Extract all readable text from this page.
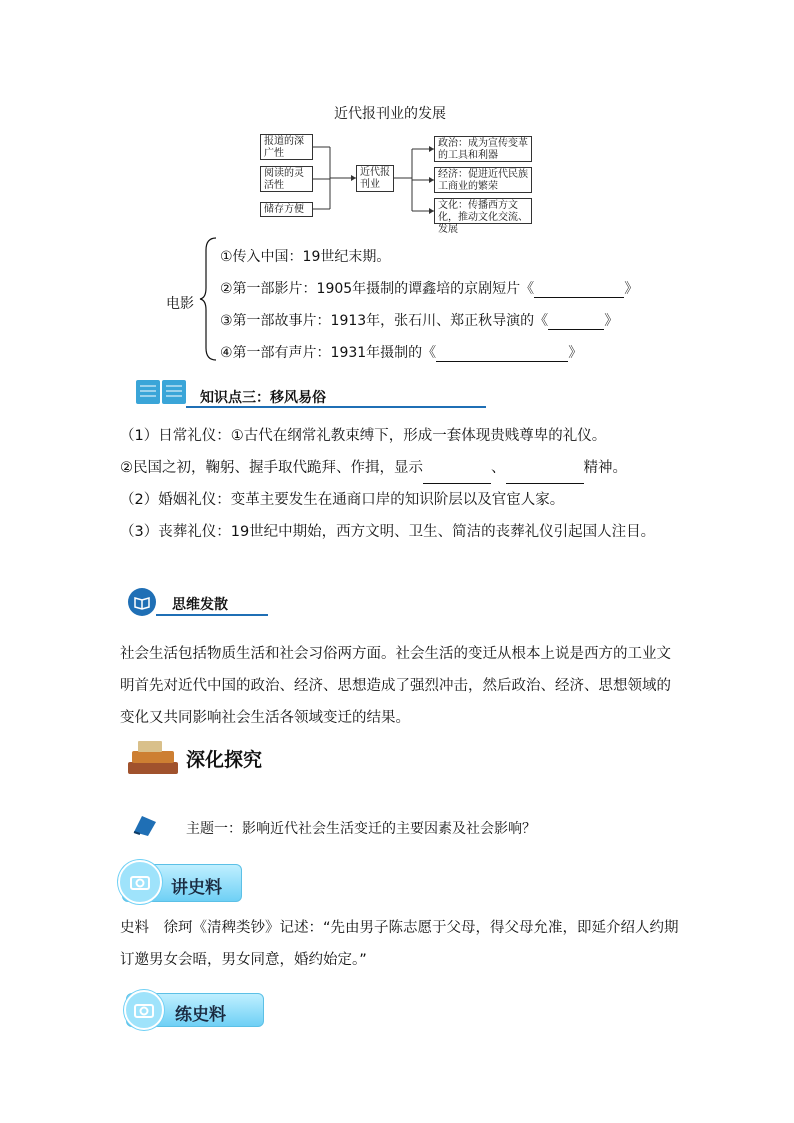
近代报刊业的发展
报道的深广性
阅读的灵活性
储存方便
近代报刊业
政治：成为宣传变革的工具和利器
经济：促进近代民族工商业的繁荣
文化：传播西方文化，推动文化交流、发展
电影
①传入中国：19世纪末期。
②第一部影片：1905年摄制的谭鑫培的京剧短片《	》
③第一部故事片：1913年，张石川、郑正秋导演的《	》
④第一部有声片：1931年摄制的《	》
知识点三：移风易俗
（1）日常礼仪：①古代在纲常礼教束缚下，形成一套体现贵贱尊卑的礼仪。
②民国之初，鞠躬、握手取代跪拜、作揖，显示	、	精神。
（2）婚姻礼仪：变革主要发生在通商口岸的知识阶层以及官宦人家。
（3）丧葬礼仪：19世纪中期始，西方文明、卫生、简洁的丧葬礼仪引起国人注目。
思维发散
社会生活包括物质生活和社会习俗两方面。社会生活的变迁从根本上说是西方的工业文明首先对近代中国的政治、经济、思想造成了强烈冲击，然后政治、经济、思想领域的变化又共同影响社会生活各领域变迁的结果。
深化探究
主题一：影响近代社会生活变迁的主要因素及社会影响？
讲史料
史料　徐珂《清稗类钞》记述：“先由男子陈志愿于父母，得父母允准，即延介绍人约期订邀男女会晤，男女同意，婚约始定。”
练史料
